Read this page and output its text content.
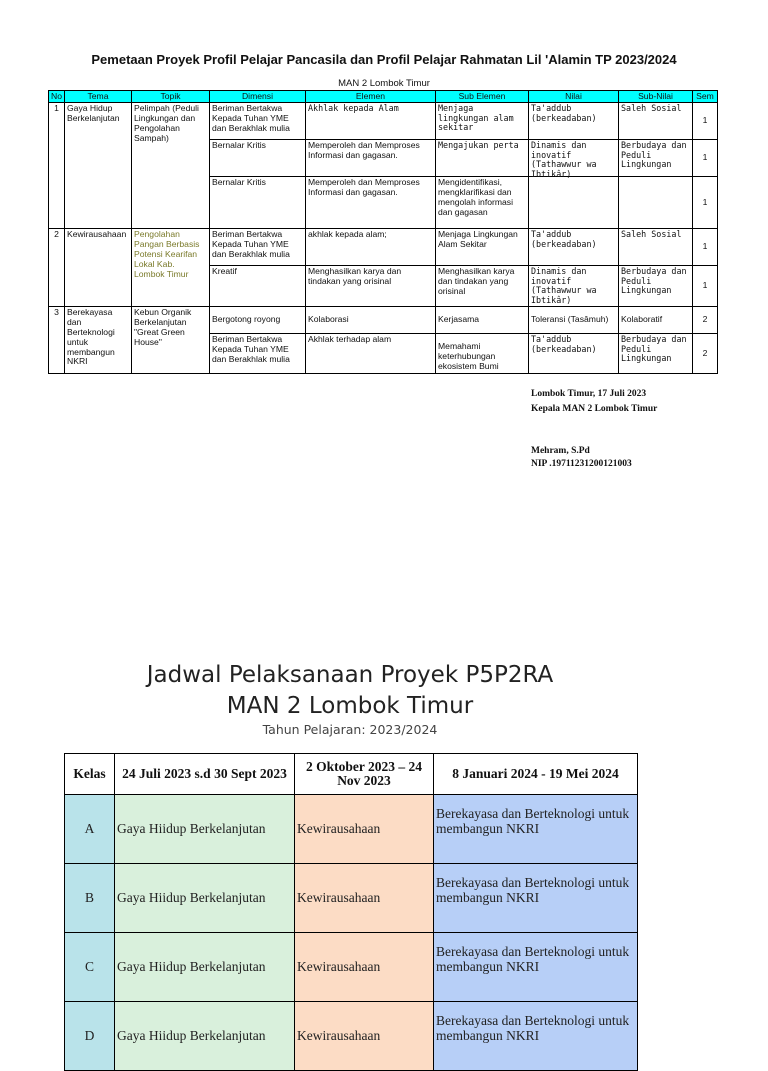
Pemetaan Proyek Profil Pelajar Pancasila dan Profil Pelajar Rahmatan Lil 'Alamin TP 2023/2024
MAN 2 Lombok Timur
No	Tema	Topik	Dimensi	Elemen	Sub Elemen	Nilai	Sub-Nilai	Sem
1	Gaya Hidup Berkelanjutan	Pelimpah (Peduli Lingkungan dan Pengolahan Sampah)	Beriman Bertakwa Kepada Tuhan YME dan Berakhlak mulia	Akhlak kepada Alam	Menjaga lingkungan alam sekitar	Ta'addub (berkeadaban)	Saleh Sosial	1
			Bernalar Kritis	Memperoleh dan Memproses Informasi dan gagasan.	Mengajukan perta	Dinamis dan inovatif (Tathawwur wa Ibtikâr)	Berbudaya dan Peduli Lingkungan	1
			Bernalar Kritis	Memperoleh dan Memproses Informasi dan gagasan.	Mengidentifikasi, mengklarifikasi dan mengolah informasi dan gagasan			1
2	Kewirausahaan	Pengolahan Pangan Berbasis Potensi Kearifan Lokal Kab. Lombok Timur	Beriman Bertakwa Kepada Tuhan YME dan Berakhlak mulia	akhlak kepada alam;	Menjaga Lingkungan Alam Sekitar	Ta'addub (berkeadaban)	Saleh Sosial	1
			Kreatif	Menghasilkan karya dan tindakan yang orisinal	Menghasilkan karya dan tindakan yang orisinal	Dinamis dan inovatif (Tathawwur wa Ibtikâr)	Berbudaya dan Peduli Lingkungan	1
3	Berekayasa dan Berteknologi untuk membangun NKRI	Kebun Organik Berkelanjutan "Great Green House"	Bergotong royong	Kolaborasi	Kerjasama	Toleransi (Tasâmuh)	Kolaboratif	2
			Beriman Bertakwa Kepada Tuhan YME dan Berakhlak mulia	Akhlak terhadap alam	Memahami keterhubungan ekosistem Bumi	Ta'addub (berkeadaban)	Berbudaya dan Peduli Lingkungan	2
Lombok Timur, 17 Juli 2023
Kepala MAN 2 Lombok Timur
Mehram, S.Pd
NIP .19711231200121003
Jadwal Pelaksanaan Proyek P5P2RA
MAN 2 Lombok Timur
Tahun Pelajaran: 2023/2024
Kelas	24 Juli 2023 s.d 30 Sept 2023	2 Oktober 2023 – 24 Nov 2023	8 Januari 2024 - 19 Mei 2024
A	Gaya Hiidup Berkelanjutan	Kewirausahaan	Berekayasa dan Berteknologi untuk membangun NKRI
B	Gaya Hiidup Berkelanjutan	Kewirausahaan	Berekayasa dan Berteknologi untuk membangun NKRI
C	Gaya Hiidup Berkelanjutan	Kewirausahaan	Berekayasa dan Berteknologi untuk membangun NKRI
D	Gaya Hiidup Berkelanjutan	Kewirausahaan	Berekayasa dan Berteknologi untuk membangun NKRI
